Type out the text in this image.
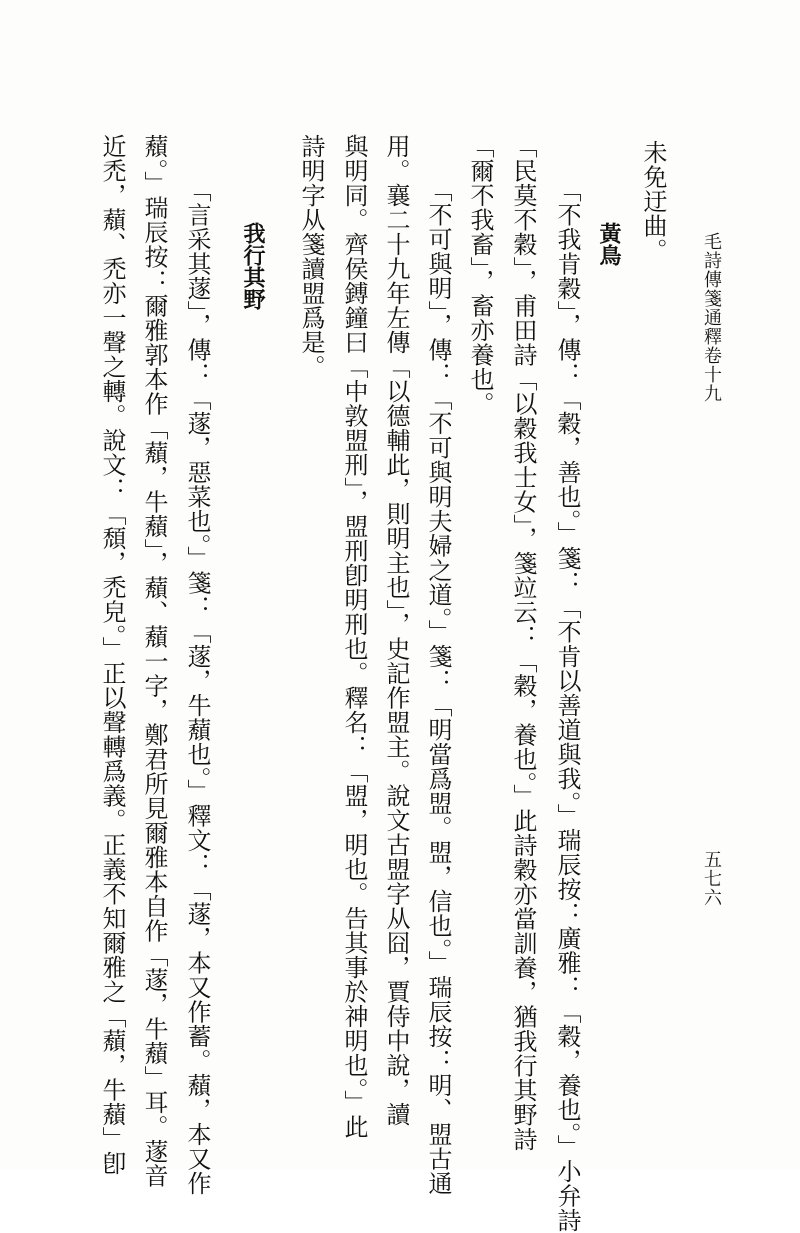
毛詩傳箋通釋卷十九
五七六
未免迂曲。
黃鳥
「不我肯穀」，傳：「穀，善也。」箋：「不肯以善道與我。」瑞辰按：廣雅：「穀，養也。」小弁詩
「民莫不穀」，甫田詩「以穀我士女」，箋竝云：「穀，養也。」此詩穀亦當訓養，猶我行其野詩
「爾不我畜」，畜亦養也。
「不可與明」，傳：「不可與明夫婦之道。」箋：「明當爲盟。盟，信也。」瑞辰按：明、盟古通
用。襄二十九年左傳「以德輔此，則明主也」，史記作盟主。說文古盟字从囧，賈侍中說，讀
與明同。齊侯鎛鐘曰「中敦盟刑」，盟刑卽明刑也。釋名：「盟，明也。告其事於神明也。」此
詩明字从箋讀盟爲是。
我行其野
「言采其蓫」，傳：「蓫，惡菜也。」箋：「蓫，牛蘈也。」釋文：「蓫，本又作蓄。蘈，本又作
蘈。」瑞辰按：爾雅郭本作「蘈，牛蘈」，蘈、蘈一字，鄭君所見爾雅本自作「蓫，牛蘈」耳。蓫音
近禿，蘈、禿亦一聲之轉。說文：「頹，禿皃。」正以聲轉爲義。正義不知爾雅之「蘈，牛蘈」卽
